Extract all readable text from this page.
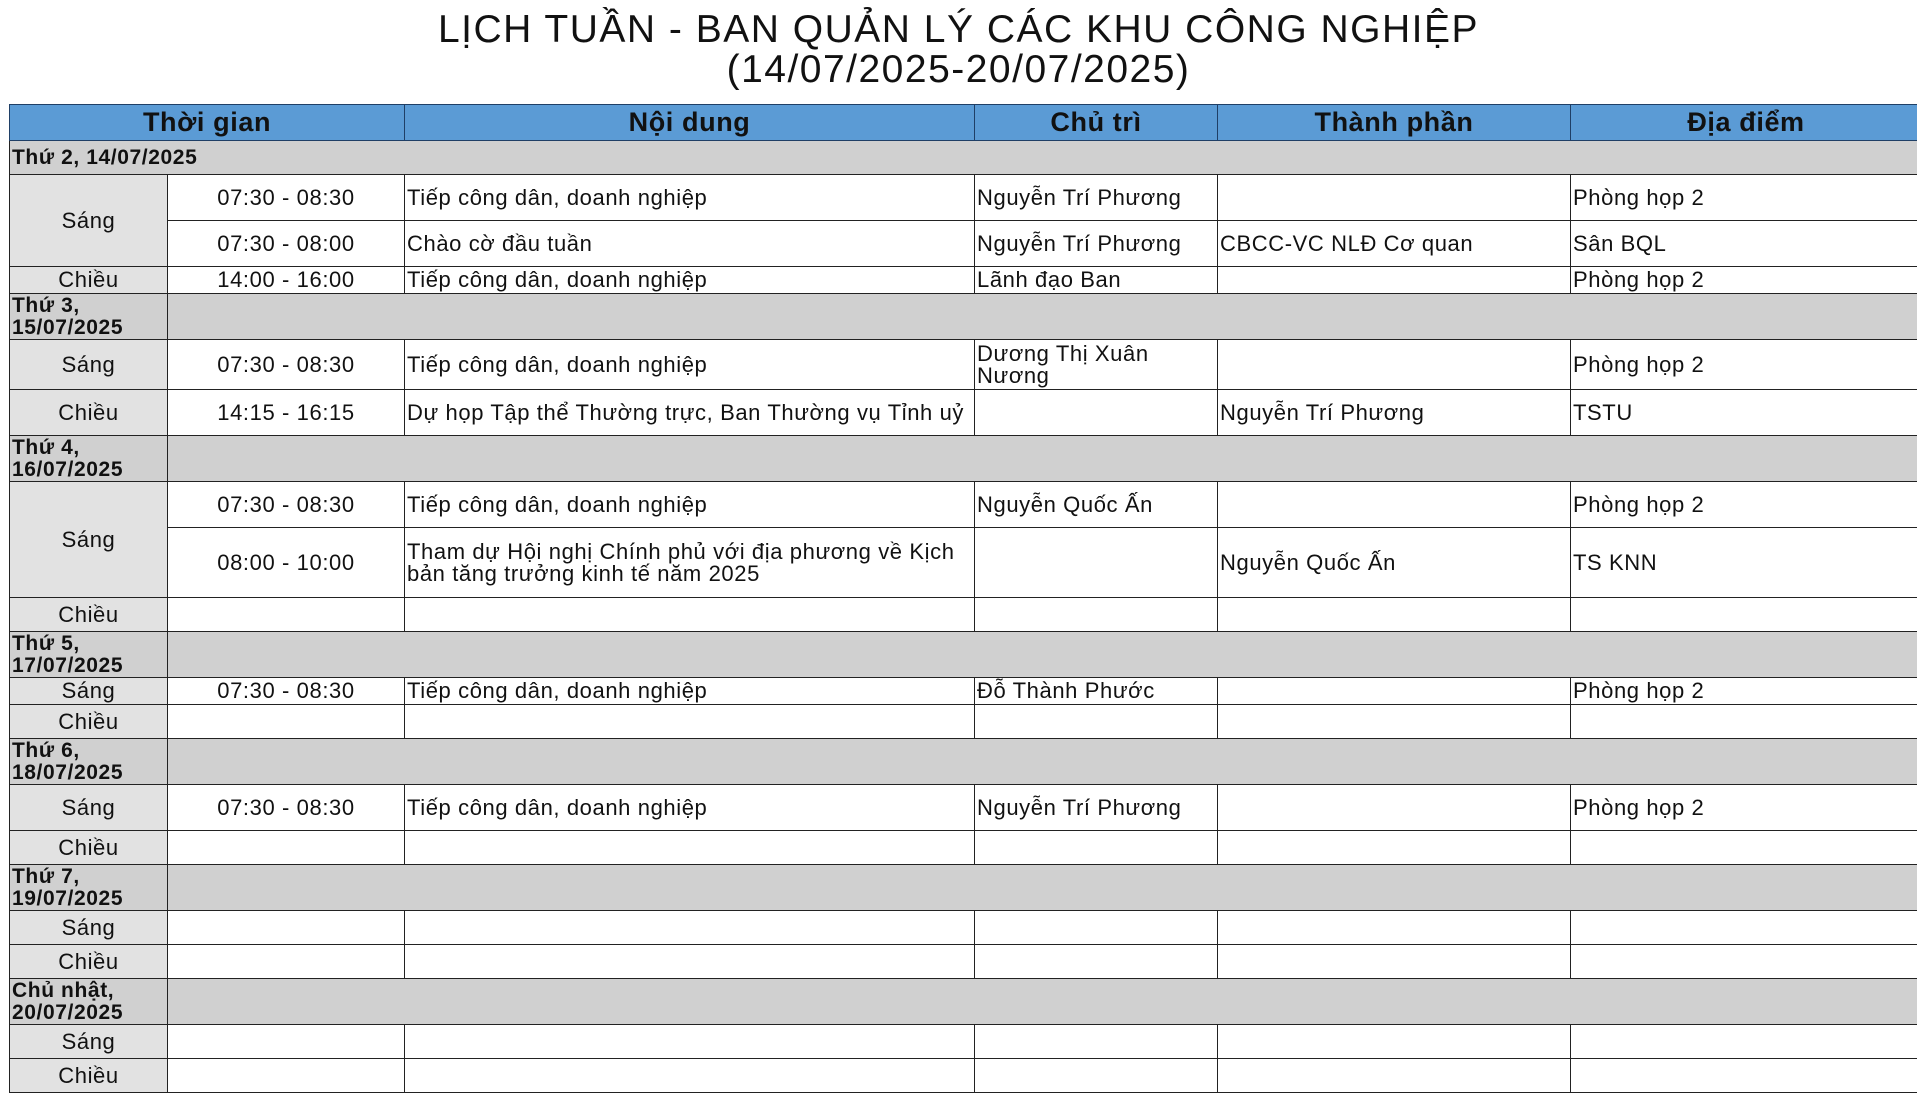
LỊCH TUẦN - BAN QUẢN LÝ CÁC KHU CÔNG NGHIỆP
(14/07/2025-20/07/2025)
Thời gian		Nội dung	Chủ trì	Thành phần	Địa điểm
Thứ 2, 14/07/2025					
Sáng	07:30 - 08:30	Tiếp công dân, doanh nghiệp	Nguyễn Trí Phương		Phòng họp 2
	07:30 - 08:00	Chào cờ đầu tuần	Nguyễn Trí Phương	CBCC-VC NLĐ Cơ quan	Sân BQL
Chiều	14:00 - 16:00	Tiếp công dân, doanh nghiệp	Lãnh đạo Ban		Phòng họp 2
Thứ 3, 15/07/2025					
Sáng	07:30 - 08:30	Tiếp công dân, doanh nghiệp	Dương Thị Xuân Nương		Phòng họp 2
Chiều	14:15 - 16:15	Dự họp Tập thể Thường trực, Ban Thường vụ Tỉnh uỷ		Nguyễn Trí Phương	TSTU
Thứ 4, 16/07/2025					
Sáng	07:30 - 08:30	Tiếp công dân, doanh nghiệp	Nguyễn Quốc Ấn		Phòng họp 2
	08:00 - 10:00	Tham dự Hội nghị Chính phủ với địa phương về Kịch bản tăng trưởng kinh tế năm 2025		Nguyễn Quốc Ấn	TS KNN
Chiều					
Thứ 5, 17/07/2025					
Sáng	07:30 - 08:30	Tiếp công dân, doanh nghiệp	Đỗ Thành Phước		Phòng họp 2
Chiều					
Thứ 6, 18/07/2025					
Sáng	07:30 - 08:30	Tiếp công dân, doanh nghiệp	Nguyễn Trí Phương		Phòng họp 2
Chiều					
Thứ 7, 19/07/2025					
Sáng					
Chiều					
Chủ nhật, 20/07/2025					
Sáng					
Chiều					
